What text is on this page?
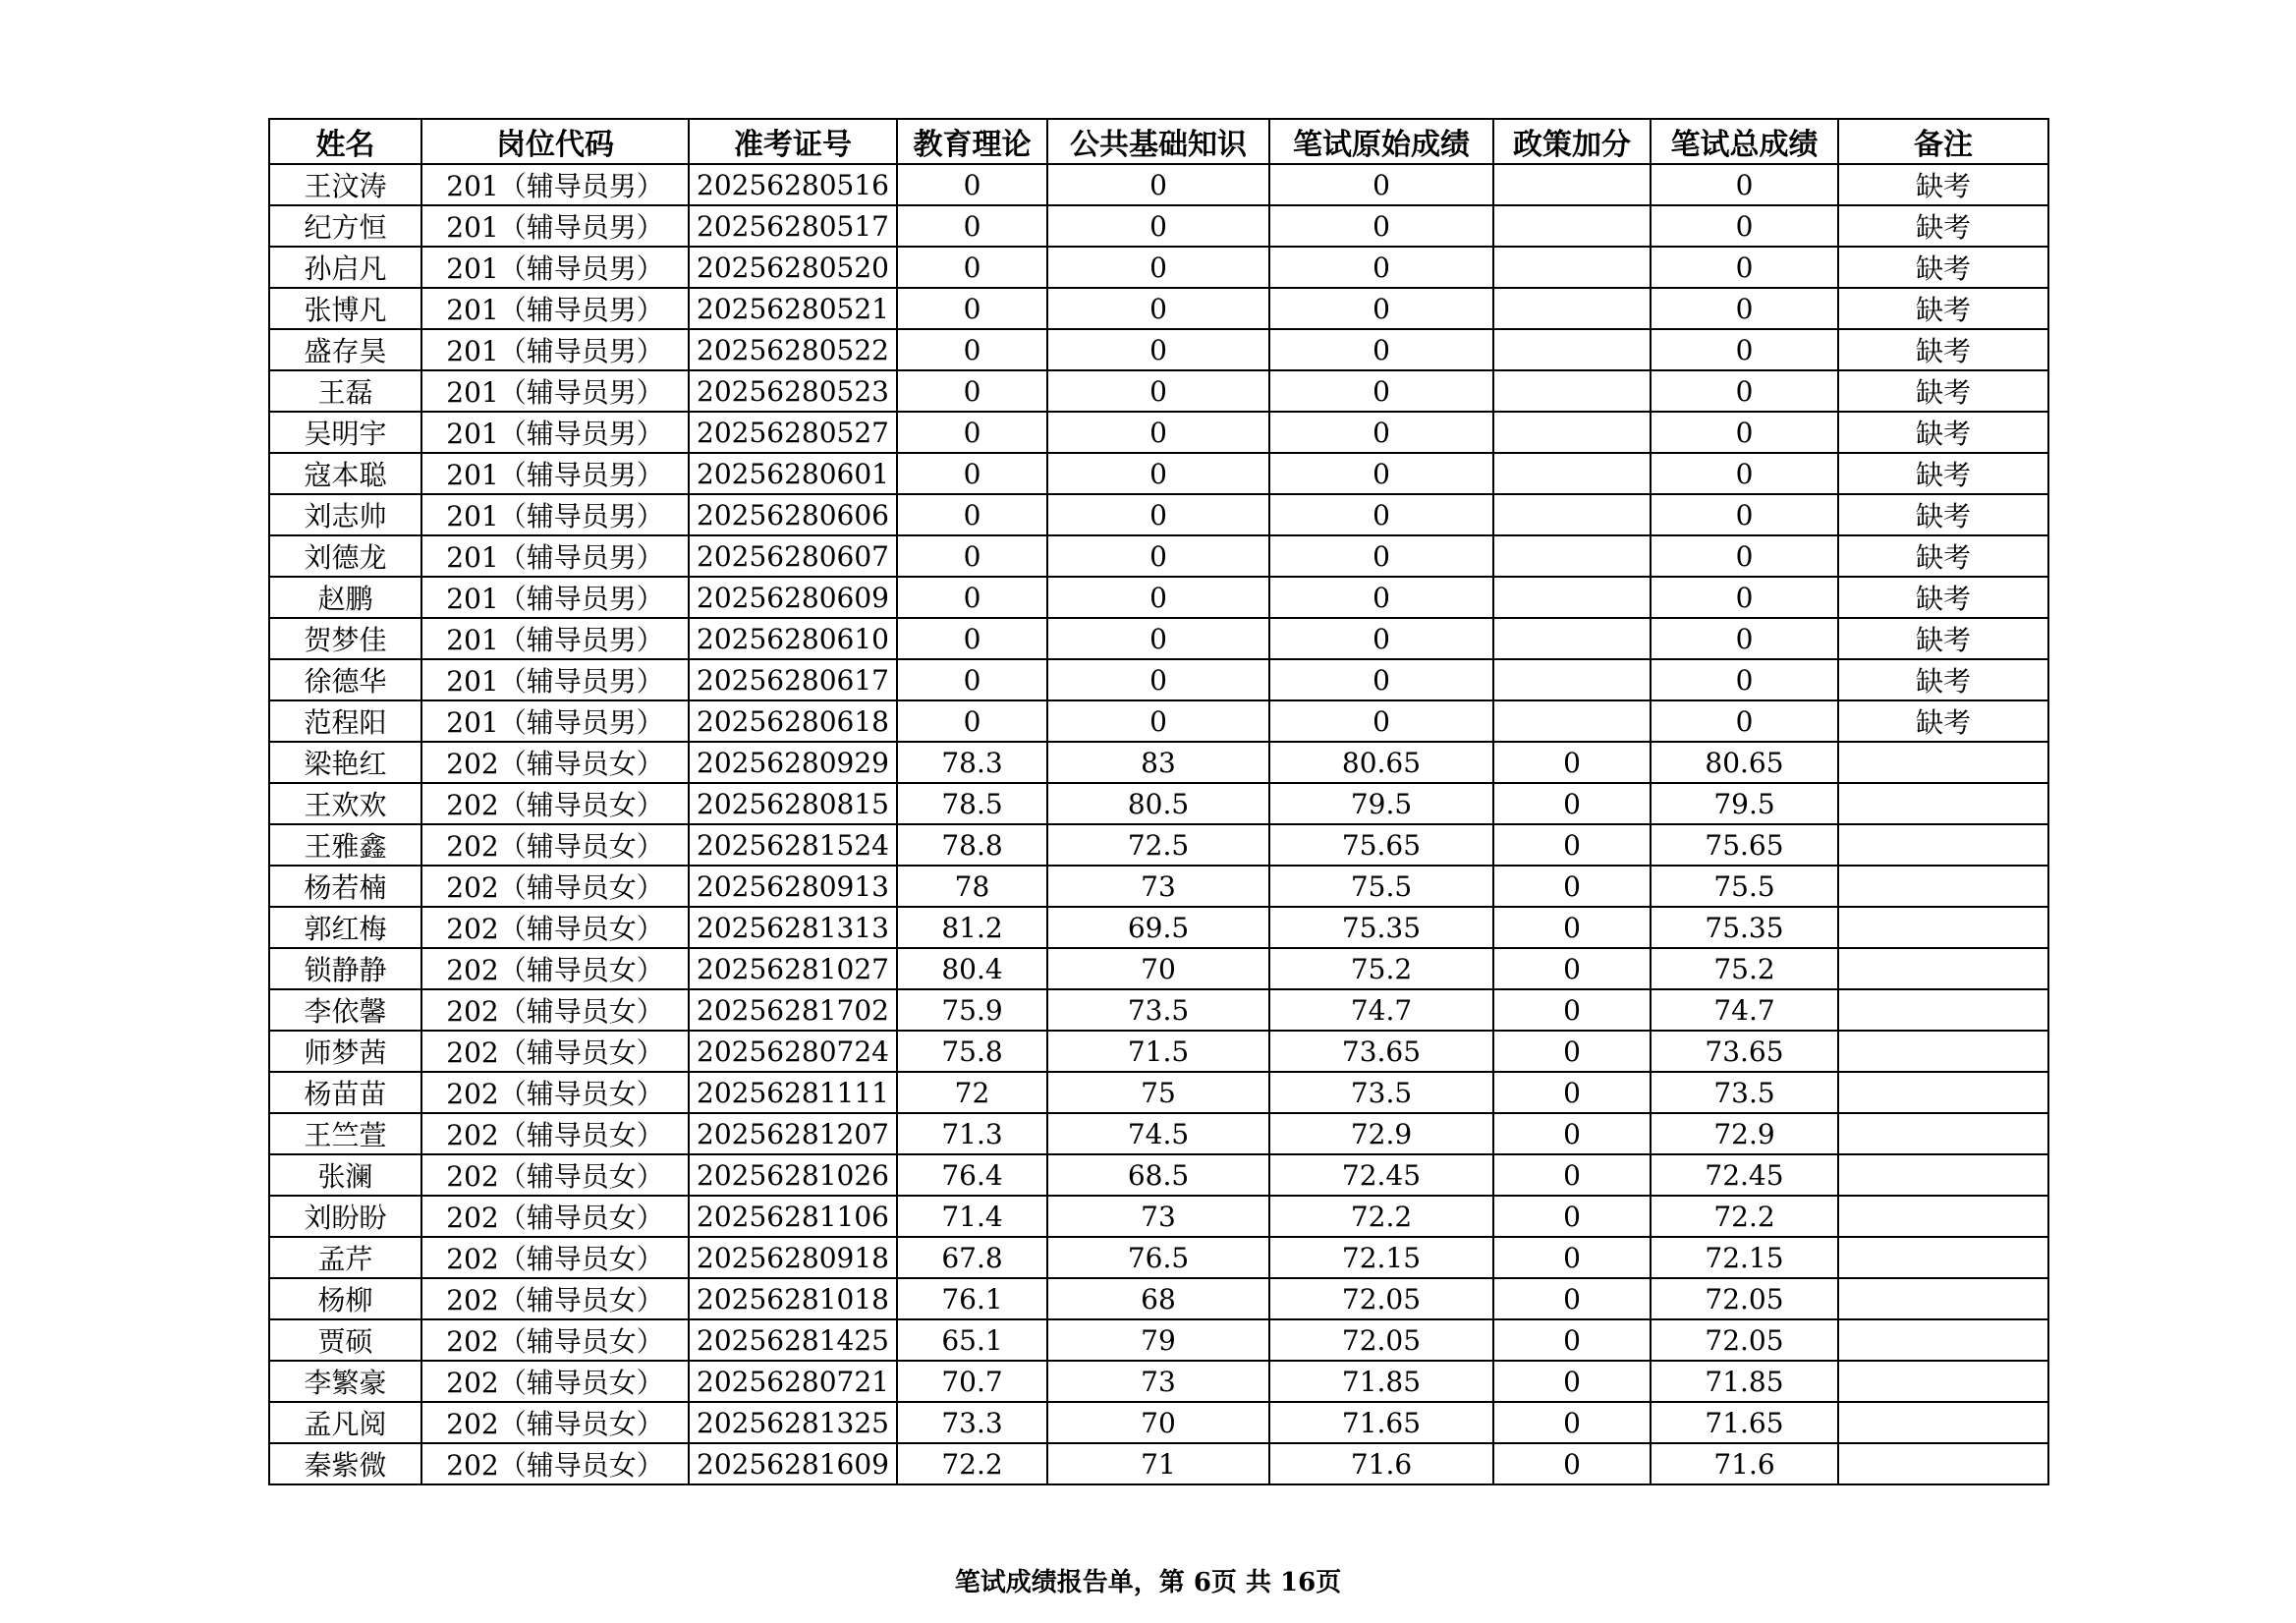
姓名	岗位代码	准考证号	教育理论	公共基础知识	笔试原始成绩	政策加分	笔试总成绩	备注
王汶涛	201（辅导员男）	20256280516	0	0	0		0	缺考
纪方恒	201（辅导员男）	20256280517	0	0	0		0	缺考
孙启凡	201（辅导员男）	20256280520	0	0	0		0	缺考
张博凡	201（辅导员男）	20256280521	0	0	0		0	缺考
盛存昊	201（辅导员男）	20256280522	0	0	0		0	缺考
王磊	201（辅导员男）	20256280523	0	0	0		0	缺考
吴明宇	201（辅导员男）	20256280527	0	0	0		0	缺考
寇本聪	201（辅导员男）	20256280601	0	0	0		0	缺考
刘志帅	201（辅导员男）	20256280606	0	0	0		0	缺考
刘德龙	201（辅导员男）	20256280607	0	0	0		0	缺考
赵鹏	201（辅导员男）	20256280609	0	0	0		0	缺考
贺梦佳	201（辅导员男）	20256280610	0	0	0		0	缺考
徐德华	201（辅导员男）	20256280617	0	0	0		0	缺考
范程阳	201（辅导员男）	20256280618	0	0	0		0	缺考
梁艳红	202（辅导员女）	20256280929	78.3	83	80.65	0	80.65	
王欢欢	202（辅导员女）	20256280815	78.5	80.5	79.5	0	79.5	
王雅鑫	202（辅导员女）	20256281524	78.8	72.5	75.65	0	75.65	
杨若楠	202（辅导员女）	20256280913	78	73	75.5	0	75.5	
郭红梅	202（辅导员女）	20256281313	81.2	69.5	75.35	0	75.35	
锁静静	202（辅导员女）	20256281027	80.4	70	75.2	0	75.2	
李依馨	202（辅导员女）	20256281702	75.9	73.5	74.7	0	74.7	
师梦茜	202（辅导员女）	20256280724	75.8	71.5	73.65	0	73.65	
杨苗苗	202（辅导员女）	20256281111	72	75	73.5	0	73.5	
王竺萱	202（辅导员女）	20256281207	71.3	74.5	72.9	0	72.9	
张澜	202（辅导员女）	20256281026	76.4	68.5	72.45	0	72.45	
刘盼盼	202（辅导员女）	20256281106	71.4	73	72.2	0	72.2	
孟芹	202（辅导员女）	20256280918	67.8	76.5	72.15	0	72.15	
杨柳	202（辅导员女）	20256281018	76.1	68	72.05	0	72.05	
贾硕	202（辅导员女）	20256281425	65.1	79	72.05	0	72.05	
李繁豪	202（辅导员女）	20256280721	70.7	73	71.85	0	71.85	
孟凡阅	202（辅导员女）	20256281325	73.3	70	71.65	0	71.65	
秦紫微	202（辅导员女）	20256281609	72.2	71	71.6	0	71.6	
笔试成绩报告单，第 6页 共 16页
